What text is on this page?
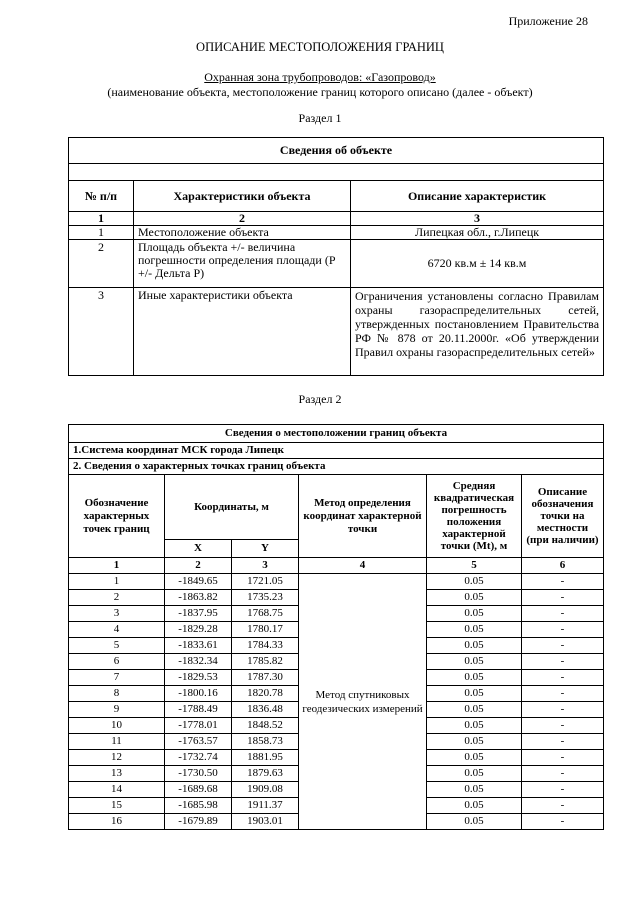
Приложение 28
ОПИСАНИЕ МЕСТОПОЛОЖЕНИЯ ГРАНИЦ
Охранная зона трубопроводов: «Газопровод»
(наименование объекта, местоположение границ которого описано (далее - объект)
Раздел 1
Сведения об объекте		

№ п/п	Характеристики объекта	Описание характеристик
1	2	3
1	Местоположение объекта	Липецкая обл., г.Липецк
2	Площадь объекта +/- величина погрешности определения площади (Р +/- Дельта Р)	6720 кв.м ± 14 кв.м
3	Иные характеристики объекта	Ограничения установлены согласно Правилам охраны газораспределительных сетей, утвержденных постановлением Правительства РФ № 878 от 20.11.2000г. «Об утверждении Правил охраны газораспределительных сетей»
Раздел 2
Сведения о местоположении границ объекта					
1.Система координат МСК города Липецк					
2. Сведения о характерных точках границ объекта					
Обозначение характерных точек границ	Координаты, м		Метод определения координат характерной точки	Средняя квадратическая погрешность положения характерной точки (Mt), м	Описание обозначения точки на местности (при наличии)
	X	Y			
1	2	3	4	5	6
1	-1849.65	1721.05	Метод спутниковых геодезических измерений	0.05	-
2	-1863.82	1735.23		0.05	-
3	-1837.95	1768.75		0.05	-
4	-1829.28	1780.17		0.05	-
5	-1833.61	1784.33		0.05	-
6	-1832.34	1785.82		0.05	-
7	-1829.53	1787.30		0.05	-
8	-1800.16	1820.78		0.05	-
9	-1788.49	1836.48		0.05	-
10	-1778.01	1848.52		0.05	-
11	-1763.57	1858.73		0.05	-
12	-1732.74	1881.95		0.05	-
13	-1730.50	1879.63		0.05	-
14	-1689.68	1909.08		0.05	-
15	-1685.98	1911.37		0.05	-
16	-1679.89	1903.01		0.05	-
